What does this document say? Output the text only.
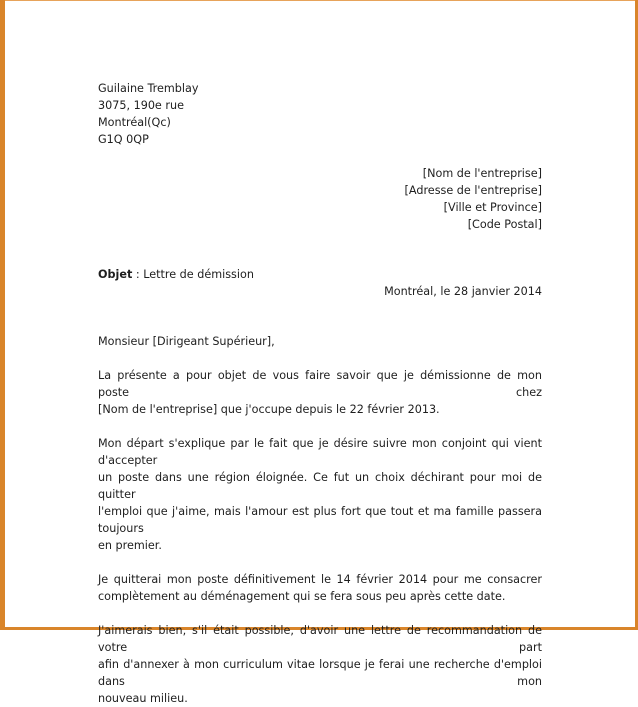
Guilaine Tremblay
3075, 190e rue
Montréal(Qc)
G1Q 0QP
[Nom de l'entreprise]
[Adresse de l'entreprise]
[Ville et Province]
[Code Postal]
Objet : Lettre de démission
Montréal, le 28 janvier 2014
Monsieur [Dirigeant Supérieur],
La présente a pour objet de vous faire savoir que je démissionne de mon poste chez
[Nom de l'entreprise] que j'occupe depuis le 22 février 2013.
Mon départ s'explique par le fait que je désire suivre mon conjoint qui vient d'accepter
un poste dans une région éloignée. Ce fut un choix déchirant pour moi de quitter
l'emploi que j'aime, mais l'amour est plus fort que tout et ma famille passera toujours
en premier.
Je quitterai mon poste définitivement le 14 février 2014 pour me consacrer
complètement au déménagement qui se fera sous peu après cette date.
J'aimerais bien, s'il était possible, d'avoir une lettre de recommandation de votre part
afin d'annexer à mon curriculum vitae lorsque je ferai une recherche d'emploi dans mon
nouveau milieu.
